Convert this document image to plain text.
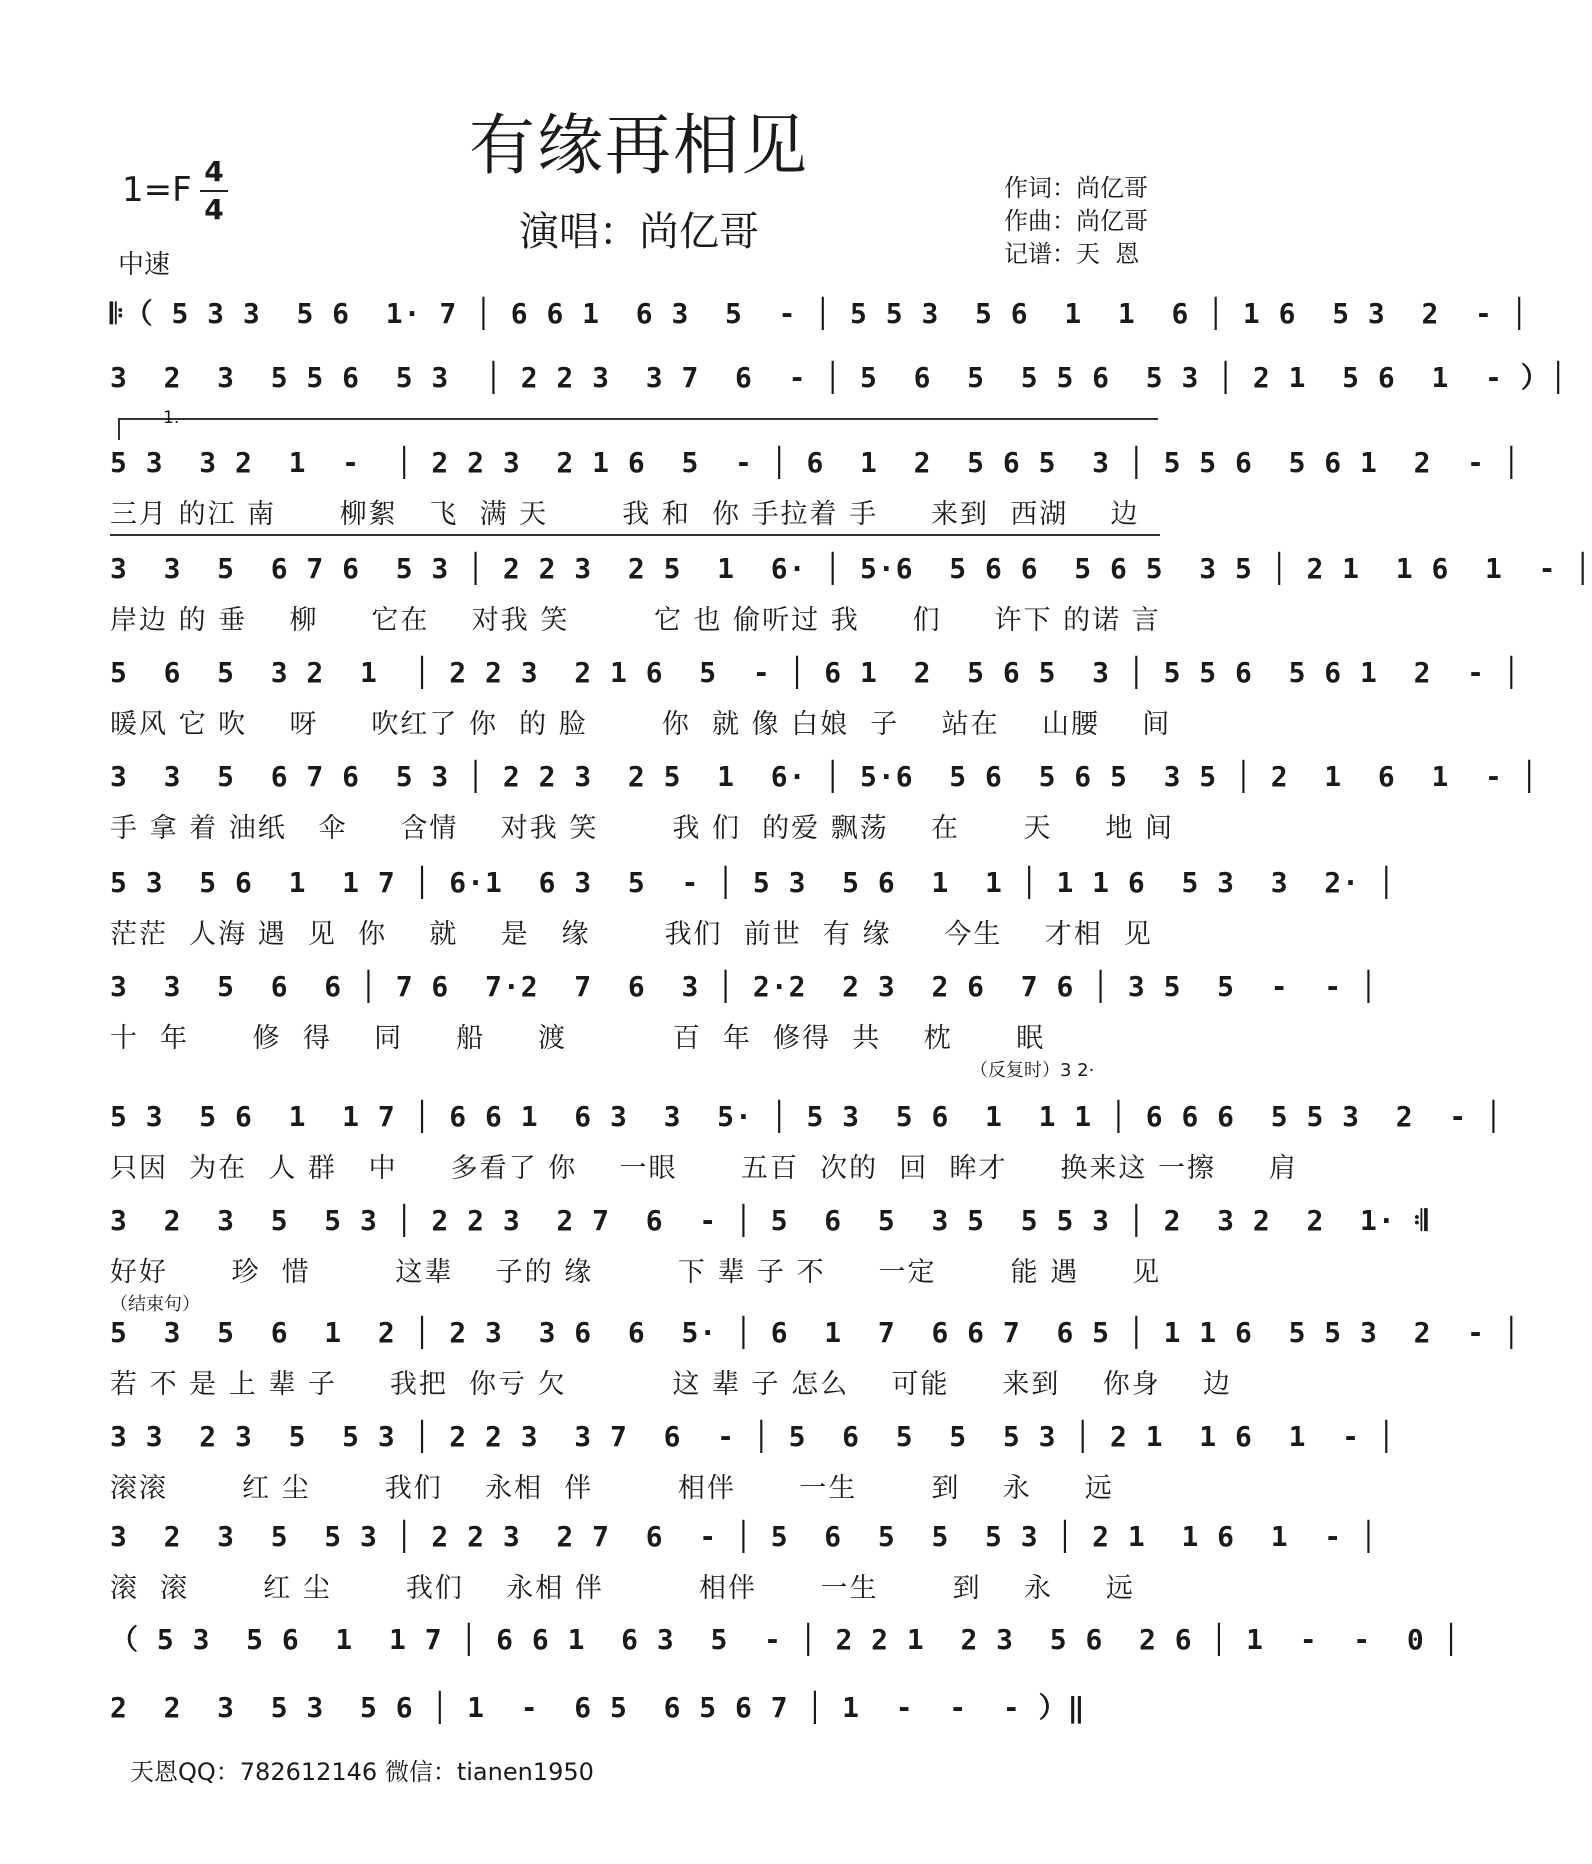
有缘再相见
演唱：尚亿哥
1=F 4
4
中速
作词：尚亿哥
作曲：尚亿哥
记谱：天  恩
1.
𝄆（ 5 3 3  5 6  1· 7 │ 6 6 1  6 3  5  - │ 5 5 3  5 6  1  1  6 │ 1 6  5 3  2  - │
3  2  3  5 5 6  5 3  │ 2 2 3  3 7  6  - │ 5  6  5  5 5 6  5 3 │ 2 1  5 6  1  - ）│
5 3  3 2  1  -  │ 2 2 3  2 1 6  5  - │ 6  1  2  5 6 5  3 │ 5 5 6  5 6 1  2  - │
三月 的江 南      柳絮   飞  满 天       我 和  你 手拉着 手     来到  西湖    边
3  3  5  6 7 6  5 3 │ 2 2 3  2 5  1  6· │ 5·6  5 6 6  5 6 5  3 5 │ 2 1  1 6  1  - │
岸边 的 垂    柳     它在    对我 笑        它 也 偷听过 我     们     许下 的诺 言
5  6  5  3 2  1  │ 2 2 3  2 1 6  5  - │ 6 1  2  5 6 5  3 │ 5 5 6  5 6 1  2  - │
暖风 它 吹    呀     吹红了 你  的 脸       你  就 像 白娘  子    站在    山腰    间
3  3  5  6 7 6  5 3 │ 2 2 3  2 5  1  6· │ 5·6  5 6  5 6 5  3 5 │ 2  1  6  1  - │
手 拿 着 油纸   伞     含情    对我 笑       我 们  的爱 飘荡    在      天     地 间
5 3  5 6  1  1 7 │ 6·1  6 3  5  - │ 5 3  5 6  1  1 │ 1 1 6  5 3  3  2· │
茫茫  人海 遇  见  你    就    是   缘       我们  前世  有 缘     今生    才相  见
3  3  5  6  6 │ 7 6  7·2  7  6  3 │ 2·2  2 3  2 6  7 6 │ 3 5  5  -  - │
十  年      修  得    同     船     渡          百  年  修得  共    枕      眠
（反复时）3 2·
5 3  5 6  1  1 7 │ 6 6 1  6 3  3  5· │ 5 3  5 6  1  1 1 │ 6 6 6  5 5 3  2  - │
只因  为在  人 群   中     多看了 你    一眼      五百  次的  回  眸才     换来这 一擦     肩
3  2  3  5  5 3 │ 2 2 3  2 7  6  - │ 5  6  5  3 5  5 5 3 │ 2  3 2  2  1· 𝄇
好好      珍  惜        这辈    子的 缘        下 辈 子 不     一定       能 遇     见
（结束句）
5  3  5  6  1  2 │ 2 3  3 6  6  5· │ 6  1  7  6 6 7  6 5 │ 1 1 6  5 5 3  2  - │
若 不 是 上 辈 子     我把  你亏 欠          这 辈 子 怎么    可能     来到    你身    边
3 3  2 3  5  5 3 │ 2 2 3  3 7  6  - │ 5  6  5  5  5 3 │ 2 1  1 6  1  - │
滚滚       红 尘       我们    永相  伴        相伴      一生       到    永     远
3  2  3  5  5 3 │ 2 2 3  2 7  6  - │ 5  6  5  5  5 3 │ 2 1  1 6  1  - │
滚  滚       红 尘       我们    永相 伴         相伴      一生       到    永     远
（ 5 3  5 6  1  1 7 │ 6 6 1  6 3  5  - │ 2 2 1  2 3  5 6  2 6 │ 1  -  -  0 │
2  2  3  5 3  5 6 │ 1  -  6 5  6 5 6 7 │ 1  -  -  - ）‖
天恩QQ：782612146 微信：tianen1950
